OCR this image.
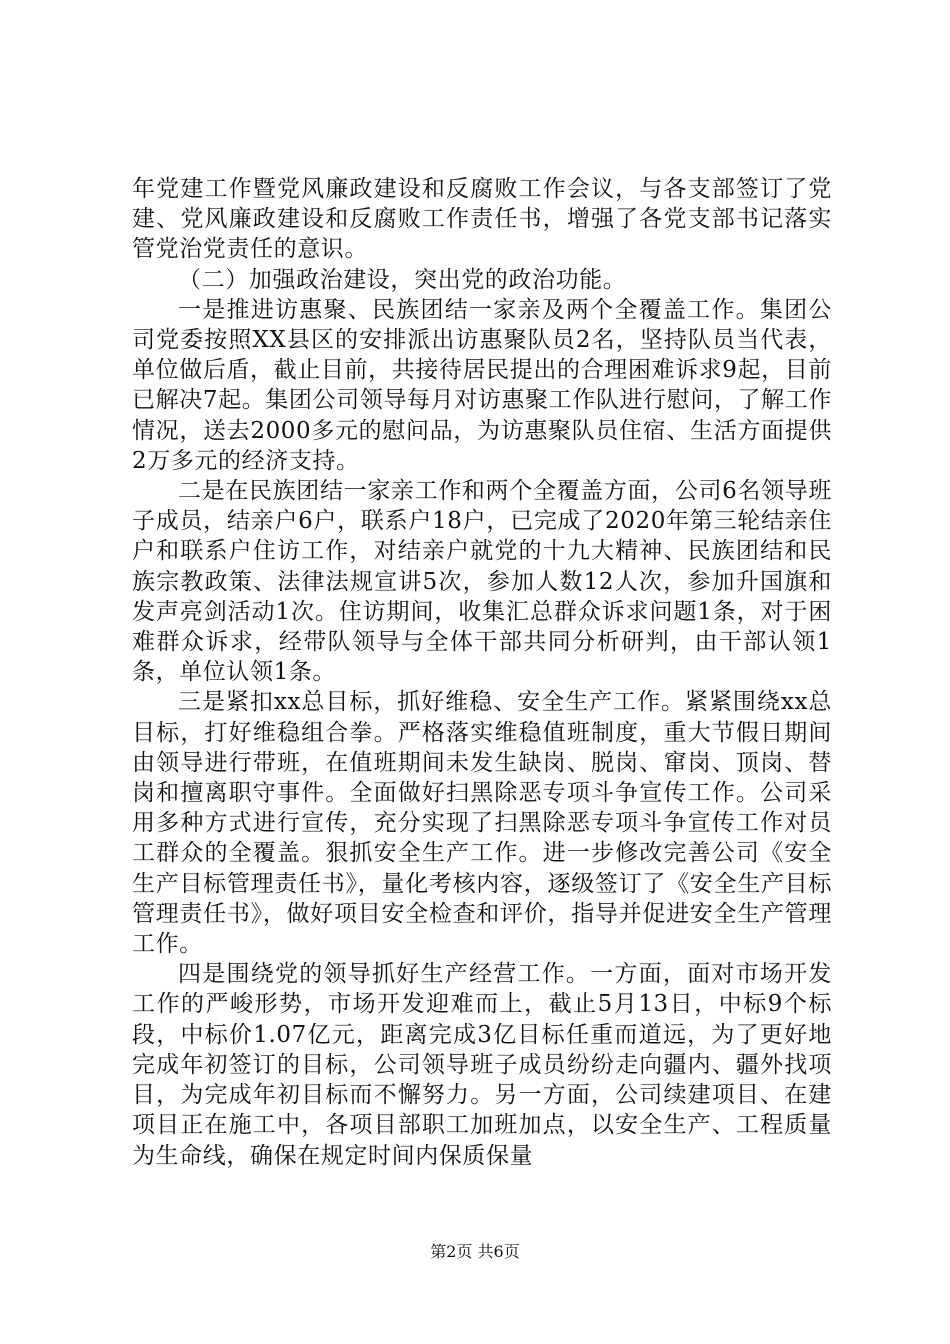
年党建工作暨党风廉政建设和反腐败工作会议，与各支部签订了党建、党风廉政建设和反腐败工作责任书，增强了各党支部书记落实管党治党责任的意识。

（二）加强政治建设，突出党的政治功能。

一是推进访惠聚、民族团结一家亲及两个全覆盖工作。集团公司党委按照XX县区的安排派出访惠聚队员2名，坚持队员当代表，单位做后盾，截止目前，共接待居民提出的合理困难诉求9起，目前已解决7起。集团公司领导每月对访惠聚工作队进行慰问，了解工作情况，送去2000多元的慰问品，为访惠聚队员住宿、生活方面提供2万多元的经济支持。

二是在民族团结一家亲工作和两个全覆盖方面，公司6名领导班子成员，结亲户6户，联系户18户，已完成了2020年第三轮结亲住户和联系户住访工作，对结亲户就党的十九大精神、民族团结和民族宗教政策、法律法规宣讲5次，参加人数12人次，参加升国旗和发声亮剑活动1次。住访期间，收集汇总群众诉求问题1条，对于困难群众诉求，经带队领导与全体干部共同分析研判，由干部认领1条，单位认领1条。

三是紧扣xx总目标，抓好维稳、安全生产工作。紧紧围绕xx总目标，打好维稳组合拳。严格落实维稳值班制度，重大节假日期间由领导进行带班，在值班期间未发生缺岗、脱岗、窜岗、顶岗、替岗和擅离职守事件。全面做好扫黑除恶专项斗争宣传工作。公司采用多种方式进行宣传，充分实现了扫黑除恶专项斗争宣传工作对员工群众的全覆盖。狠抓安全生产工作。进一步修改完善公司《安全生产目标管理责任书》，量化考核内容，逐级签订了《安全生产目标管理责任书》，做好项目安全检查和评价，指导并促进安全生产管理工作。

四是围绕党的领导抓好生产经营工作。一方面，面对市场开发工作的严峻形势，市场开发迎难而上，截止5月13日，中标9个标段，中标价1.07亿元，距离完成3亿目标任重而道远，为了更好地完成年初签订的目标，公司领导班子成员纷纷走向疆内、疆外找项目，为完成年初目标而不懈努力。另一方面，公司续建项目、在建项目正在施工中，各项目部职工加班加点，以安全生产、工程质量为生命线，确保在规定时间内保质保量

第2页 共6页
